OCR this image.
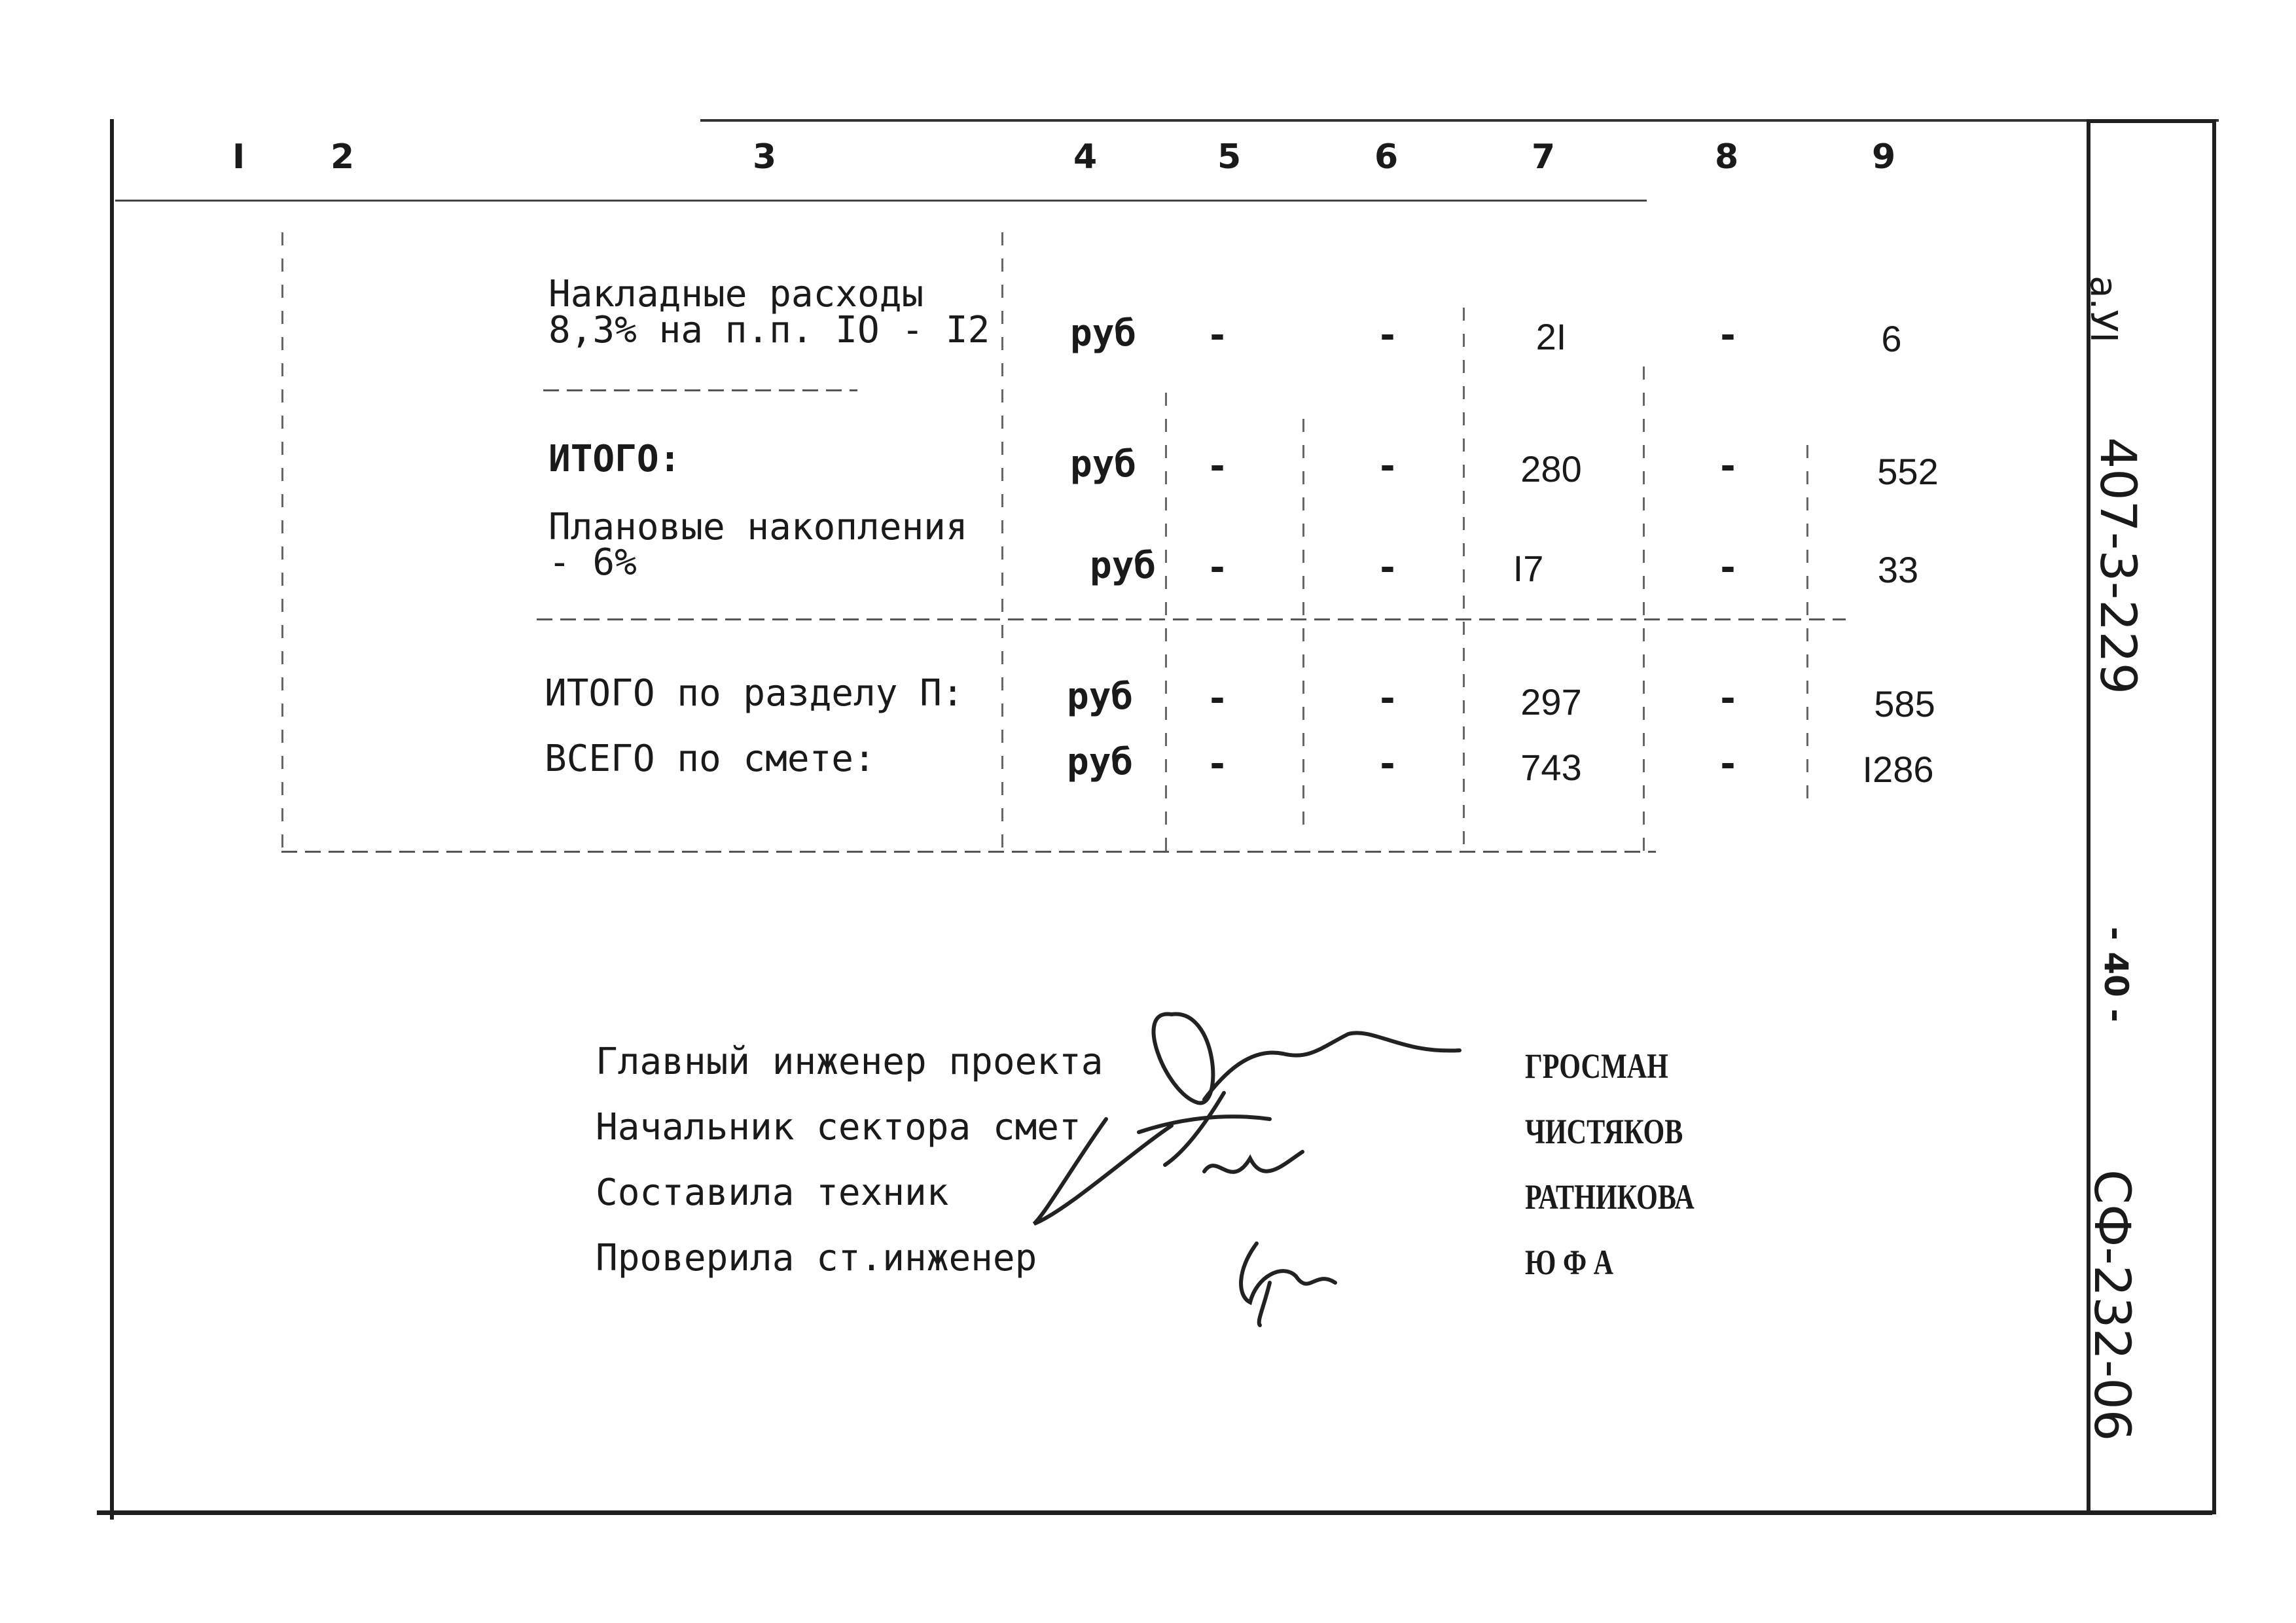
I	2	3	4	5	6	7	8	9
Накладные расходы
8,3% на п.п. IO - I2 руб	-	-	2I	-	6
ИТОГО:	руб	-	-	280	-	552
Плановые накопления
- 6%	руб	-	-	I7	-	33
ИТОГО по разделу П:	руб	-	-	297	-	585
ВСЕГО по смете:	руб	-	-	743	-	I286
Главный инженер проекта	ГРОСМАН
Начальник сектора смет	ЧИСТЯКОВ
Составила техник	РАТНИКОВА
Проверила ст.инженер	Ю Ф А
а.УI
407-3-229
- 40 -
СФ-232-06
